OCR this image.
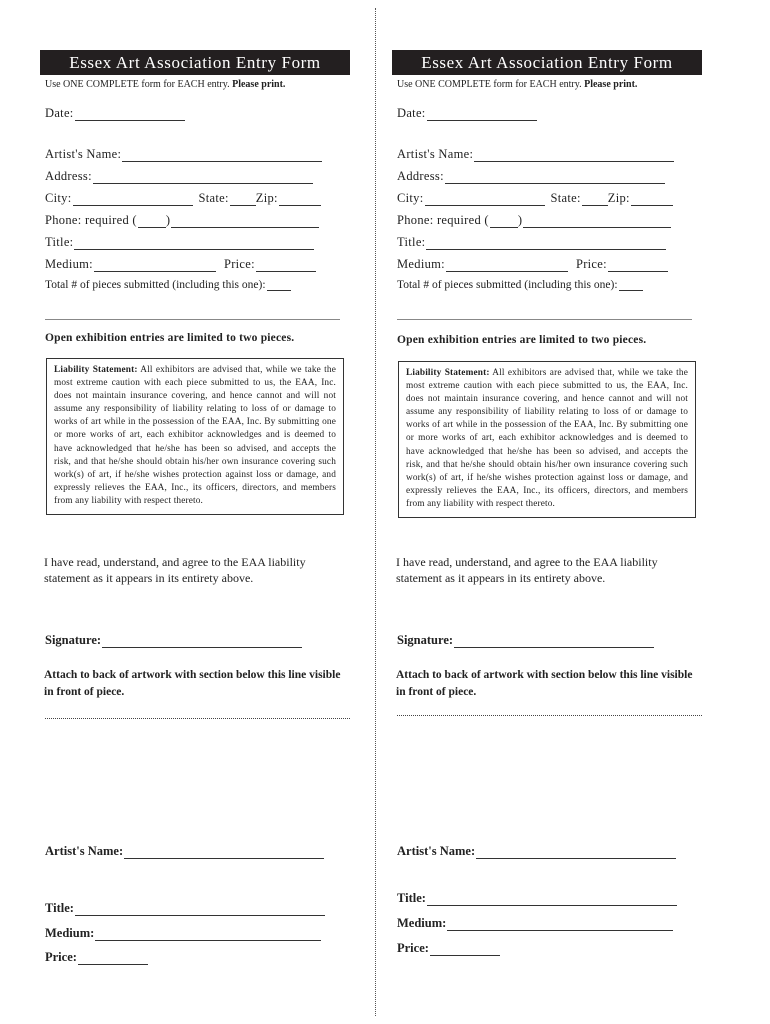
Essex Art Association Entry Form
Use ONE COMPLETE form for EACH entry. Please print.
Date:
Artist's Name:
Address:
City:	State: Zip:
Phone: required ( )
Title:
Medium:	Price:
Total # of pieces submitted (including this one):
Open exhibition entries are limited to two pieces.
Liability Statement: All exhibitors are advised that, while we take the most extreme caution with each piece submitted to us, the EAA, Inc. does not maintain insurance covering, and hence cannot and will not assume any responsibility of liability relating to loss of or damage to works of art while in the possession of the EAA, Inc. By submitting one or more works of art, each exhibitor acknowledges and is deemed to have acknowledged that he/she has been so advised, and accepts the risk, and that he/she should obtain his/her own insurance covering such work(s) of art, if he/she wishes protection against loss or damage, and expressly relieves the EAA, Inc., its officers, directors, and members from any liability with respect thereto.
I have read, understand, and agree to the EAA liability statement as it appears in its entirety above.
Signature:
Attach to back of artwork with section below this line visible in front of piece.
Artist's Name:
Title:
Medium:
Price:
Essex Art Association Entry Form
Use ONE COMPLETE form for EACH entry. Please print.
Date:
Artist's Name:
Address:
City:	State: Zip:
Phone: required ( )
Title:
Medium:	Price:
Total # of pieces submitted (including this one):
Open exhibition entries are limited to two pieces.
Liability Statement: All exhibitors are advised that, while we take the most extreme caution with each piece submitted to us, the EAA, Inc. does not maintain insurance covering, and hence cannot and will not assume any responsibility of liability relating to loss of or damage to works of art while in the possession of the EAA, Inc. By submitting one or more works of art, each exhibitor acknowledges and is deemed to have acknowledged that he/she has been so advised, and accepts the risk, and that he/she should obtain his/her own insurance covering such work(s) of art, if he/she wishes protection against loss or damage, and expressly relieves the EAA, Inc., its officers, directors, and members from any liability with respect thereto.
I have read, understand, and agree to the EAA liability statement as it appears in its entirety above.
Signature:
Attach to back of artwork with section below this line visible in front of piece.
Artist's Name:
Title:
Medium:
Price:
